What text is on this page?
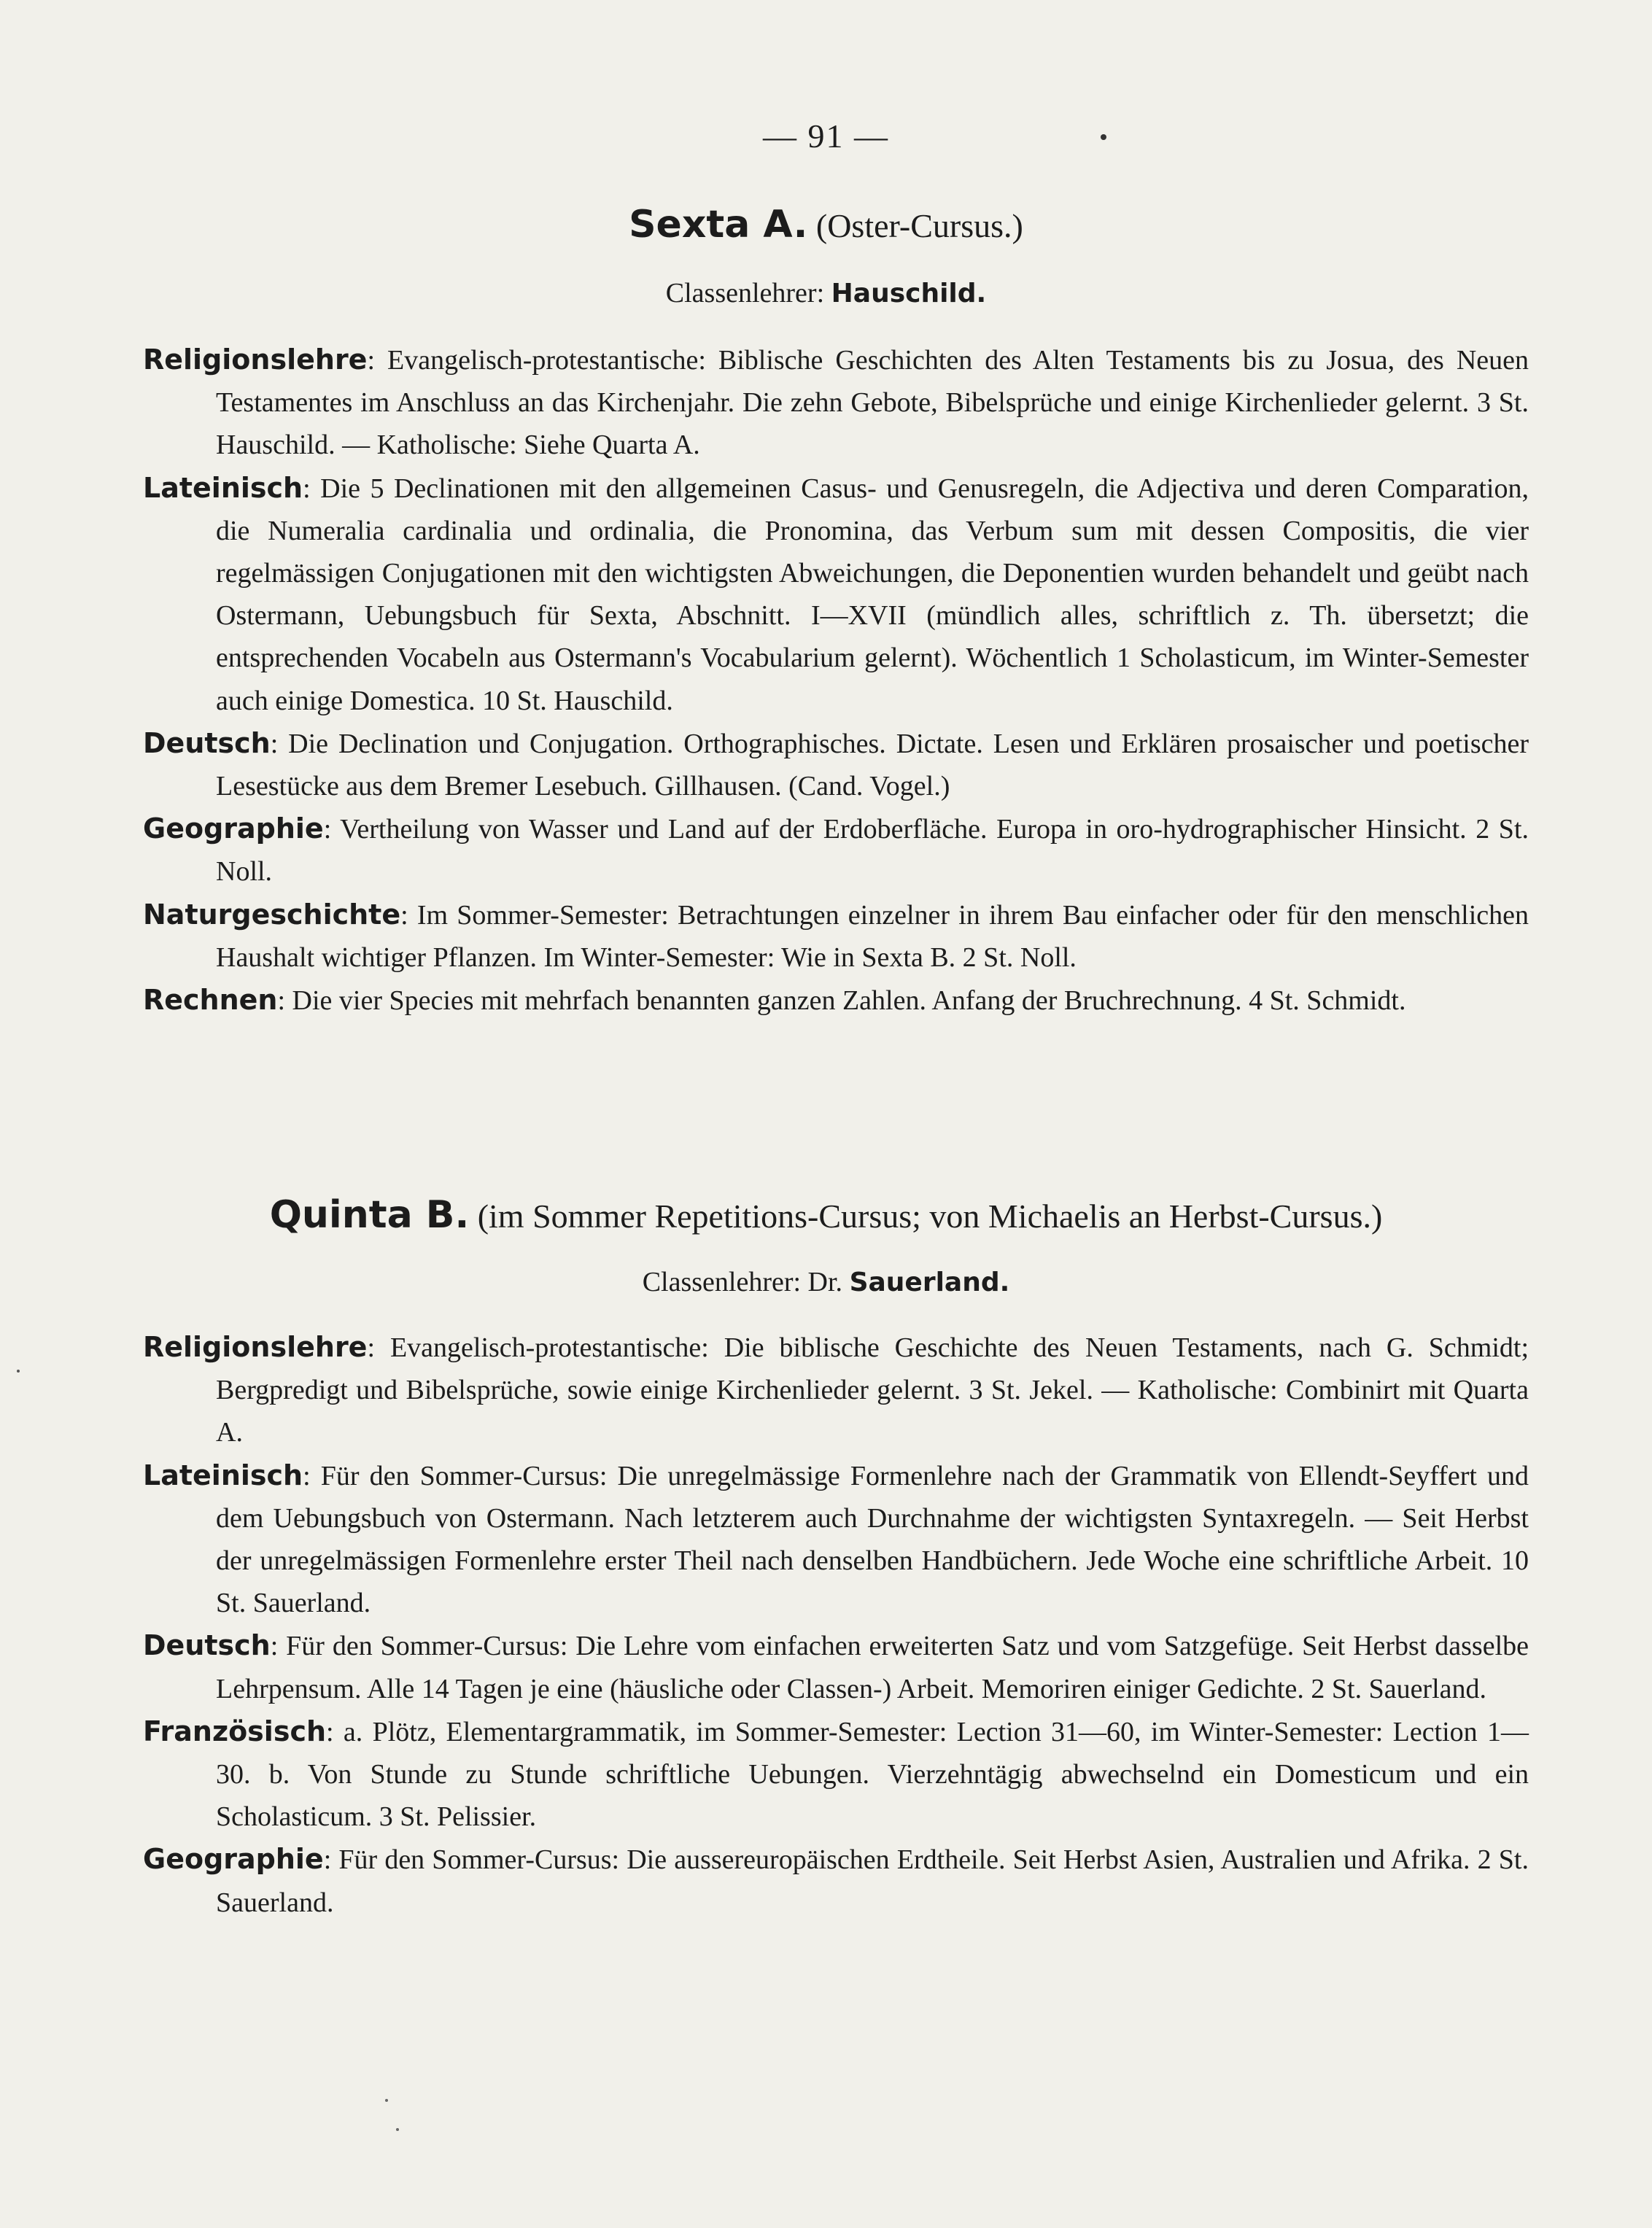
— 91 —
Sexta A. (Oster-Cursus.)
Classenlehrer: Hauschild.

Religionslehre: Evangelisch-protestantische: Biblische Geschichten des Alten Testaments bis zu Josua, des Neuen Testamentes im Anschluss an das Kirchenjahr. Die zehn Gebote, Bibelsprüche und einige Kirchenlieder gelernt. 3 St. Hauschild. — Katholische: Siehe Quarta A.

Lateinisch: Die 5 Declinationen mit den allgemeinen Casus- und Genusregeln, die Adjectiva und deren Comparation, die Numeralia cardinalia und ordinalia, die Pronomina, das Verbum sum mit dessen Compositis, die vier regelmässigen Conjugationen mit den wichtigsten Abweichungen, die Deponentien wurden behandelt und geübt nach Ostermann, Uebungsbuch für Sexta, Abschnitt. I—XVII (mündlich alles, schriftlich z. Th. übersetzt; die entsprechenden Vocabeln aus Ostermann's Vocabularium gelernt). Wöchentlich 1 Scholasticum, im Winter-Semester auch einige Domestica. 10 St. Hauschild.

Deutsch: Die Declination und Conjugation. Orthographisches. Dictate. Lesen und Erklären prosaischer und poetischer Lesestücke aus dem Bremer Lesebuch. Gillhausen. (Cand. Vogel.)

Geographie: Vertheilung von Wasser und Land auf der Erdoberfläche. Europa in oro-hydrographischer Hinsicht. 2 St. Noll.

Naturgeschichte: Im Sommer-Semester: Betrachtungen einzelner in ihrem Bau einfacher oder für den menschlichen Haushalt wichtiger Pflanzen. Im Winter-Semester: Wie in Sexta B. 2 St. Noll.

Rechnen: Die vier Species mit mehrfach benannten ganzen Zahlen. Anfang der Bruchrechnung. 4 St. Schmidt.

Quinta B. (im Sommer Repetitions-Cursus; von Michaelis an Herbst-Cursus.)
Classenlehrer: Dr. Sauerland.

Religionslehre: Evangelisch-protestantische: Die biblische Geschichte des Neuen Testaments, nach G. Schmidt; Bergpredigt und Bibelsprüche, sowie einige Kirchenlieder gelernt. 3 St. Jekel. — Katholische: Combinirt mit Quarta A.

Lateinisch: Für den Sommer-Cursus: Die unregelmässige Formenlehre nach der Grammatik von Ellendt-Seyffert und dem Uebungsbuch von Ostermann. Nach letzterem auch Durchnahme der wichtigsten Syntaxregeln. — Seit Herbst der unregelmässigen Formenlehre erster Theil nach denselben Handbüchern. Jede Woche eine schriftliche Arbeit. 10 St. Sauerland.

Deutsch: Für den Sommer-Cursus: Die Lehre vom einfachen erweiterten Satz und vom Satzgefüge. Seit Herbst dasselbe Lehrpensum. Alle 14 Tagen je eine (häusliche oder Classen-) Arbeit. Memoriren einiger Gedichte. 2 St. Sauerland.

Französisch: a. Plötz, Elementargrammatik, im Sommer-Semester: Lection 31—60, im Winter-Semester: Lection 1—30. b. Von Stunde zu Stunde schriftliche Uebungen. Vierzehntägig abwechselnd ein Domesticum und ein Scholasticum. 3 St. Pelissier.

Geographie: Für den Sommer-Cursus: Die aussereuropäischen Erdtheile. Seit Herbst Asien, Australien und Afrika. 2 St. Sauerland.
